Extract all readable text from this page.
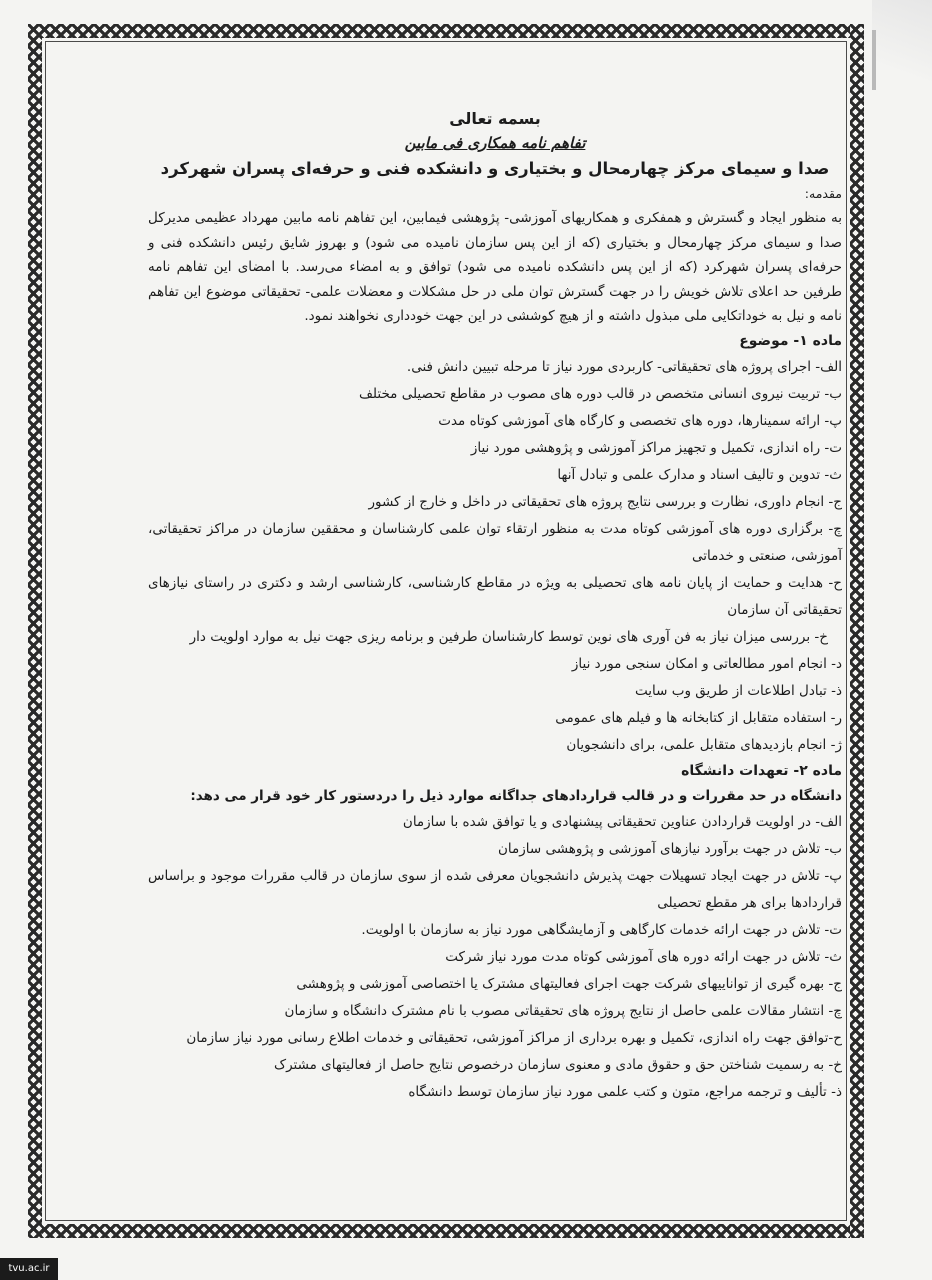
بسمه تعالی

تفاهم نامه همکاری فی مابین

صدا و سیمای مرکز چهارمحال و بختیاری و دانشکده فنی و حرفه‌ای پسران شهرکرد

مقدمه:

به منظور ایجاد و گسترش و همفکری و همکاریهای آموزشی- پژوهشی فیمابین، این تفاهم نامه مابین مهرداد عظیمی مدیرکل صدا و سیمای مرکز چهارمحال و بختیاری (که از این پس سازمان نامیده می شود) و بهروز شایق رئیس دانشکده فنی و حرفه‌ای پسران شهرکرد (که از این پس دانشکده نامیده می شود) توافق و به امضاء می‌رسد. با امضای این تفاهم نامه طرفین حد اعلای تلاش خویش را در جهت گسترش توان ملی در حل مشکلات و معضلات علمی- تحقیقاتی موضوع این تفاهم نامه و نیل به خوداتکایی ملی مبذول داشته و از هیچ کوششی در این جهت خودداری نخواهند نمود.

ماده ۱- موضوع

الف- اجرای پروژه های تحقیقاتی- کاربردی مورد نیاز تا مرحله تبیین دانش فنی.

ب- تربیت نیروی انسانی متخصص در قالب دوره های مصوب در مقاطع تحصیلی مختلف

پ- ارائه سمینارها، دوره های تخصصی و کارگاه های آموزشی کوتاه مدت

ت- راه اندازی، تکمیل و تجهیز مراکز آموزشی و پژوهشی مورد نیاز

ث- تدوین و تالیف اسناد و مدارک علمی و تبادل آنها

ج- انجام داوری، نظارت و بررسی نتایج پروژه های تحقیقاتی در داخل و خارج از کشور

چ- برگزاری دوره های آموزشی کوتاه مدت به منظور ارتقاء توان علمی کارشناسان و محققین سازمان در مراکز تحقیقاتی، آموزشی، صنعتی و خدماتی

ح- هدایت و حمایت از پایان نامه های تحصیلی به ویژه در مقاطع کارشناسی، کارشناسی ارشد و دکتری در راستای نیازهای تحقیقاتی آن سازمان

خ- بررسی میزان نیاز به فن آوری های نوین توسط کارشناسان طرفین و برنامه ریزی جهت نیل به موارد اولویت دار

د- انجام امور مطالعاتی و امکان سنجی مورد نیاز

ذ- تبادل اطلاعات از طریق وب سایت

ر- استفاده متقابل از کتابخانه ها و فیلم های عمومی

ژ- انجام بازدیدهای متقابل علمی، برای دانشجویان

ماده ۲- تعهدات دانشگاه

دانشگاه در حد مقررات و در قالب قراردادهای جداگانه موارد ذیل را دردستور کار خود قرار می دهد:

الف- در اولویت قراردادن عناوین تحقیقاتی پیشنهادی و یا توافق شده با سازمان

ب- تلاش در جهت برآورد نیازهای آموزشی و پژوهشی سازمان

پ- تلاش در جهت ایجاد تسهیلات جهت پذیرش دانشجویان معرفی شده از سوی سازمان در قالب مقررات موجود و براساس قراردادها برای هر مقطع تحصیلی

ت- تلاش در جهت ارائه خدمات کارگاهی و آزمایشگاهی مورد نیاز به سازمان با اولویت.

ث- تلاش در جهت ارائه دوره های آموزشی کوتاه مدت مورد نیاز شرکت

ج- بهره گیری از تواناییهای شرکت جهت اجرای فعالیتهای مشترک یا اختصاصی آموزشی و پژوهشی

چ- انتشار مقالات علمی حاصل از نتایج پروژه های تحقیقاتی مصوب با نام مشترک دانشگاه و سازمان

ح-توافق جهت راه اندازی، تکمیل و بهره برداری از مراکز آموزشی، تحقیقاتی و خدمات اطلاع رسانی مورد نیاز سازمان

خ- به رسمیت شناختن حق و حقوق مادی و معنوی سازمان درخصوص نتایج حاصل از فعالیتهای مشترک

ذ- تألیف و ترجمه مراجع، متون و کتب علمی مورد نیاز سازمان توسط دانشگاه

tvu.ac.ir
